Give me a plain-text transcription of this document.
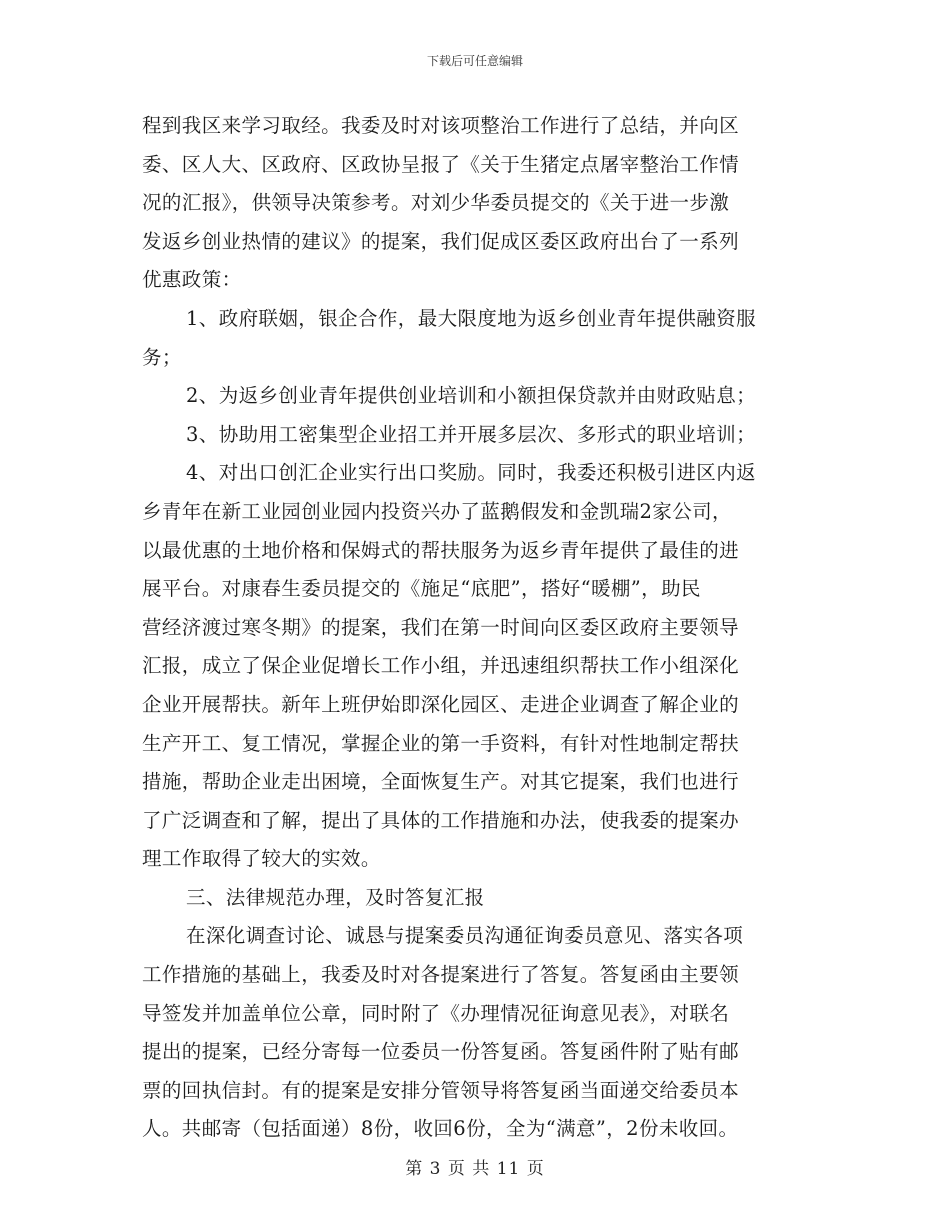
下载后可任意编辑
程到我区来学习取经。我委及时对该项整治工作进行了总结，并向区
委、区人大、区政府、区政协呈报了《关于生猪定点屠宰整治工作情
况的汇报》，供领导决策参考。对刘少华委员提交的《关于进一步激
发返乡创业热情的建议》的提案，我们促成区委区政府出台了一系列
优惠政策：
1、政府联姻，银企合作，最大限度地为返乡创业青年提供融资服
务；
2、为返乡创业青年提供创业培训和小额担保贷款并由财政贴息；
3、协助用工密集型企业招工并开展多层次、多形式的职业培训；
4、对出口创汇企业实行出口奖励。同时，我委还积极引进区内返
乡青年在新工业园创业园内投资兴办了蓝鹅假发和金凯瑞2家公司，
以最优惠的土地价格和保姆式的帮扶服务为返乡青年提供了最佳的进
展平台。对康春生委员提交的《施足“底肥”，搭好“暖棚”，助民
营经济渡过寒冬期》的提案，我们在第一时间向区委区政府主要领导
汇报，成立了保企业促增长工作小组，并迅速组织帮扶工作小组深化
企业开展帮扶。新年上班伊始即深化园区、走进企业调查了解企业的
生产开工、复工情况，掌握企业的第一手资料，有针对性地制定帮扶
措施，帮助企业走出困境，全面恢复生产。对其它提案，我们也进行
了广泛调查和了解，提出了具体的工作措施和办法，使我委的提案办
理工作取得了较大的实效。
三、法律规范办理，及时答复汇报
在深化调查讨论、诚恳与提案委员沟通征询委员意见、落实各项
工作措施的基础上，我委及时对各提案进行了答复。答复函由主要领
导签发并加盖单位公章，同时附了《办理情况征询意见表》，对联名
提出的提案，已经分寄每一位委员一份答复函。答复函件附了贴有邮
票的回执信封。有的提案是安排分管领导将答复函当面递交给委员本
人。共邮寄（包括面递）8份，收回6份，全为“满意”，2份未收回。
第 3 页 共 11 页
